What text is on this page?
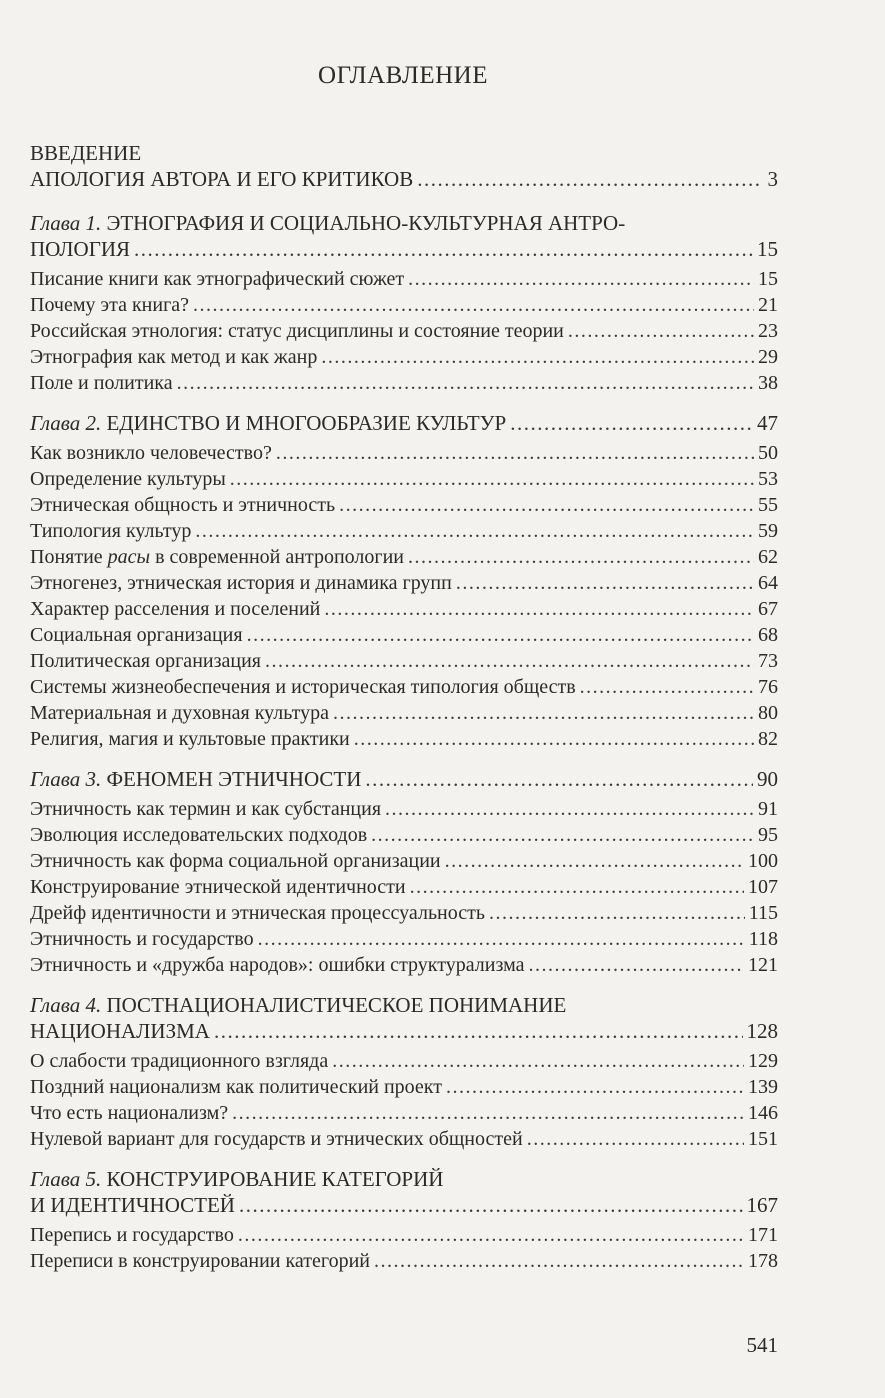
ОГЛАВЛЕНИЕ
ВВЕДЕНИЕ
АПОЛОГИЯ АВТОРА И ЕГО КРИТИКОВ .....	3
Глава 1. ЭТНОГРАФИЯ И СОЦИАЛЬНО-КУЛЬТУРНАЯ АНТРО-
ПОЛОГИЯ .....	15
Писание книги как этнографический сюжет .....	15
Почему эта книга? .....	21
Российская этнология: статус дисциплины и состояние теории .....	23
Этнография как метод и как жанр .....	29
Поле и политика .....	38
Глава 2. ЕДИНСТВО И МНОГООБРАЗИЕ КУЛЬТУР .....	47
Как возникло человечество? .....	50
Определение культуры .....	53
Этническая общность и этничность .....	55
Типология культур .....	59
Понятие расы в современной антропологии .....	62
Этногенез, этническая история и динамика групп .....	64
Характер расселения и поселений .....	67
Социальная организация .....	68
Политическая организация .....	73
Системы жизнеобеспечения и историческая типология обществ .....	76
Материальная и духовная культура .....	80
Религия, магия и культовые практики .....	82
Глава 3. ФЕНОМЕН ЭТНИЧНОСТИ .....	90
Этничность как термин и как субстанция .....	91
Эволюция исследовательских подходов .....	95
Этничность как форма социальной организации .....	100
Конструирование этнической идентичности .....	107
Дрейф идентичности и этническая процессуальность .....	115
Этничность и государство .....	118
Этничность и «дружба народов»: ошибки структурализма .....	121
Глава 4. ПОСТНАЦИОНАЛИСТИЧЕСКОЕ ПОНИМАНИЕ
НАЦИОНАЛИЗМА .....	128
О слабости традиционного взгляда .....	129
Поздний национализм как политический проект .....	139
Что есть национализм? .....	146
Нулевой вариант для государств и этнических общностей .....	151
Глава 5. КОНСТРУИРОВАНИЕ КАТЕГОРИЙ
И ИДЕНТИЧНОСТЕЙ .....	167
Перепись и государство .....	171
Переписи в конструировании категорий .....	178
541
